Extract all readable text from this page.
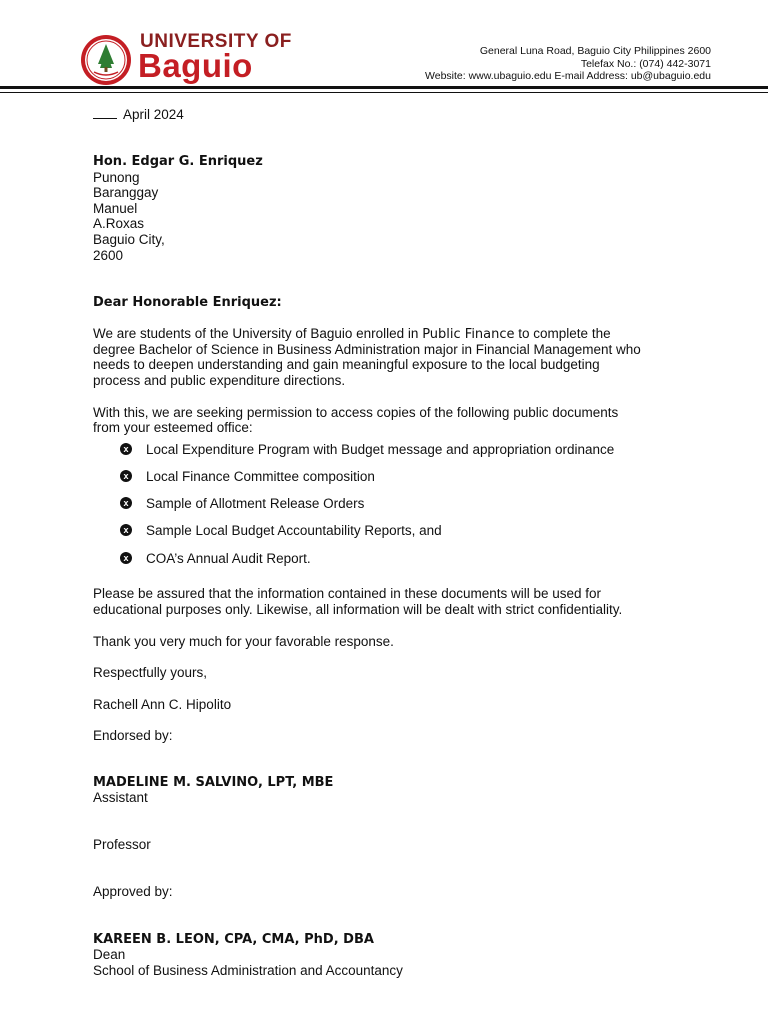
UNIVERSITY OF
Baguio	General Luna Road, Baguio City Philippines 2600
Telefax No.: (074) 442-3071
Website: www.ubaguio.edu E-mail Address: ub@ubaguio.edu
April 2024
Hon. Edgar G. Enriquez
Punong
Baranggay
Manuel
A.Roxas
Baguio City,
2600
Dear Honorable Enriquez:
We are students of the University of Baguio enrolled in Public Finance to complete the
degree Bachelor of Science in Business Administration major in Financial Management who
needs to deepen understanding and gain meaningful exposure to the local budgeting
process and public expenditure directions.
With this, we are seeking permission to access copies of the following public documents
from your esteemed office:
x Local Expenditure Program with Budget message and appropriation ordinance
x Local Finance Committee composition
x Sample of Allotment Release Orders
x Sample Local Budget Accountability Reports, and
x COA’s Annual Audit Report.
Please be assured that the information contained in these documents will be used for
educational purposes only. Likewise, all information will be dealt with strict confidentiality.
Thank you very much for your favorable response.
Respectfully yours,
Rachell Ann C. Hipolito
Endorsed by:
MADELINE M. SALVINO, LPT, MBE
Assistant
Professor
Approved by:
KAREEN B. LEON, CPA, CMA, PhD, DBA
Dean
School of Business Administration and Accountancy
